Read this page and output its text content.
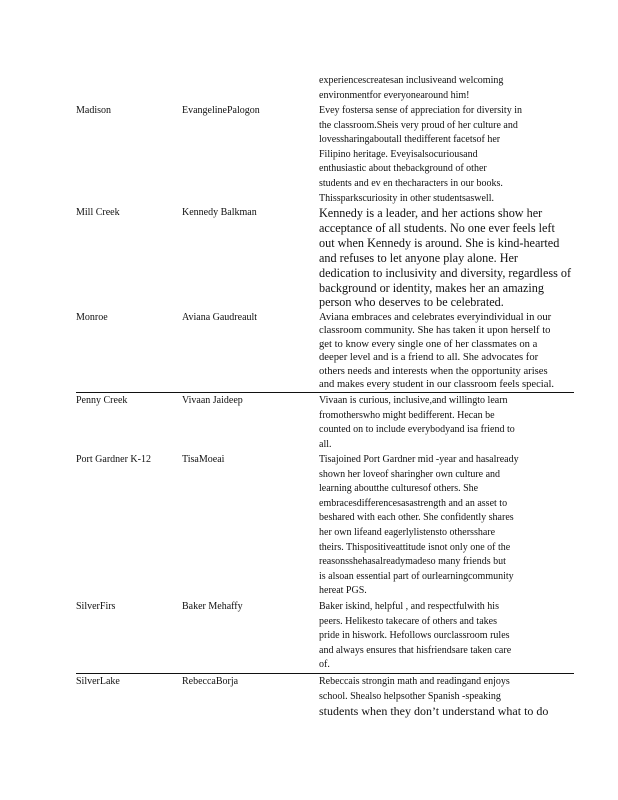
experiencescreatesan inclusiveand welcoming
environmentfor everyonearound him!
Madison	EvangelinePalogon	Evey fostersa sense of appreciation for diversity in
the classroom.Sheis very proud of her culture and
lovessharingaboutall thedifferent facetsof her
Filipino heritage. Eveyisalsocuriousand
enthusiastic about thebackground of other
students and ev en thecharacters in our books.
Thissparkscuriosity in other studentsaswell.
Mill Creek	Kennedy Balkman	Kennedy is a leader, and her actions show her
acceptance of all students. No one ever feels left
out when Kennedy is around. She is kind-hearted
and refuses to let anyone play alone. Her
dedication to inclusivity and diversity, regardless of
background or identity, makes her an amazing
person who deserves to be celebrated.
Monroe	Aviana Gaudreault	Aviana embraces and celebrates everyindividual in our
classroom community. She has taken it upon herself to
get to know every single one of her classmates on a
deeper level and is a friend to all. She advocates for
others needs and interests when the opportunity arises
and makes every student in our classroom feels special.
Penny Creek	Vivaan Jaideep	Vivaan is curious, inclusive,and willingto learn
fromotherswho might bedifferent. Hecan be
counted on to include everybodyand isa friend to
all.
Port Gardner K-12	TisaMoeai	Tisajoined Port Gardner mid -year and hasalready
shown her loveof sharingher own culture and
learning aboutthe culturesof others. She
embracesdifferencesasastrength and an asset to
beshared with each other. She confidently shares
her own lifeand eagerlylistensto othersshare
theirs. Thispositiveattitude isnot only one of the
reasonsshehasalreadymadeso many friends but
is alsoan essential part of ourlearningcommunity
hereat PGS.
SilverFirs	Baker Mehaffy	Baker iskind, helpful , and respectfulwith his
peers. Helikesto takecare of others and takes
pride in hiswork. Hefollows ourclassroom rules
and always ensures that hisfriendsare taken care
of.
SilverLake	RebeccaBorja	Rebeccais strongin math and readingand enjoys
school. Shealso helpsother Spanish -speaking
students when they don’t understand what to do
